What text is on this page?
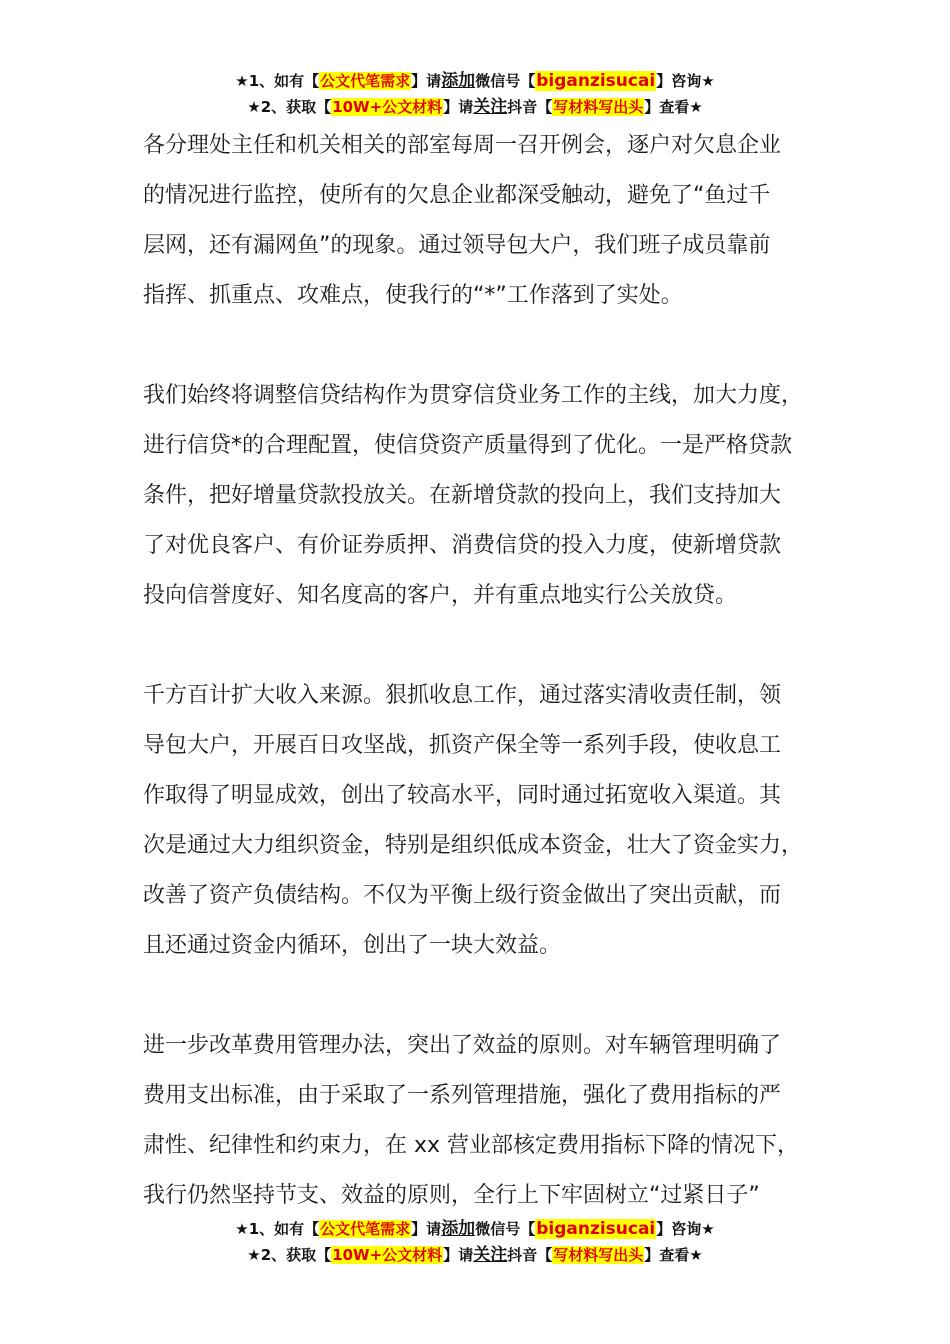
★1、如有【公文代笔需求】请添加微信号【biganzisucai】咨询★
★2、获取【10W+公文材料】请关注抖音【写材料写出头】查看★
各分理处主任和机关相关的部室每周一召开例会，逐户对欠息企业
的情况进行监控，使所有的欠息企业都深受触动，避免了“鱼过千
层网，还有漏网鱼”的现象。通过领导包大户，我们班子成员靠前
指挥、抓重点、攻难点，使我行的“*”工作落到了实处。
我们始终将调整信贷结构作为贯穿信贷业务工作的主线，加大力度，
进行信贷*的合理配置，使信贷资产质量得到了优化。一是严格贷款
条件，把好增量贷款投放关。在新增贷款的投向上，我们支持加大
了对优良客户、有价证券质押、消费信贷的投入力度，使新增贷款
投向信誉度好、知名度高的客户，并有重点地实行公关放贷。
千方百计扩大收入来源。狠抓收息工作，通过落实清收责任制，领
导包大户，开展百日攻坚战，抓资产保全等一系列手段，使收息工
作取得了明显成效，创出了较高水平，同时通过拓宽收入渠道。其
次是通过大力组织资金，特别是组织低成本资金，壮大了资金实力，
改善了资产负债结构。不仅为平衡上级行资金做出了突出贡献，而
且还通过资金内循环，创出了一块大效益。
进一步改革费用管理办法，突出了效益的原则。对车辆管理明确了
费用支出标准，由于采取了一系列管理措施，强化了费用指标的严
肃性、纪律性和约束力，在 xx 营业部核定费用指标下降的情况下，
我行仍然坚持节支、效益的原则，全行上下牢固树立“过紧日子”
★1、如有【公文代笔需求】请添加微信号【biganzisucai】咨询★
★2、获取【10W+公文材料】请关注抖音【写材料写出头】查看★
